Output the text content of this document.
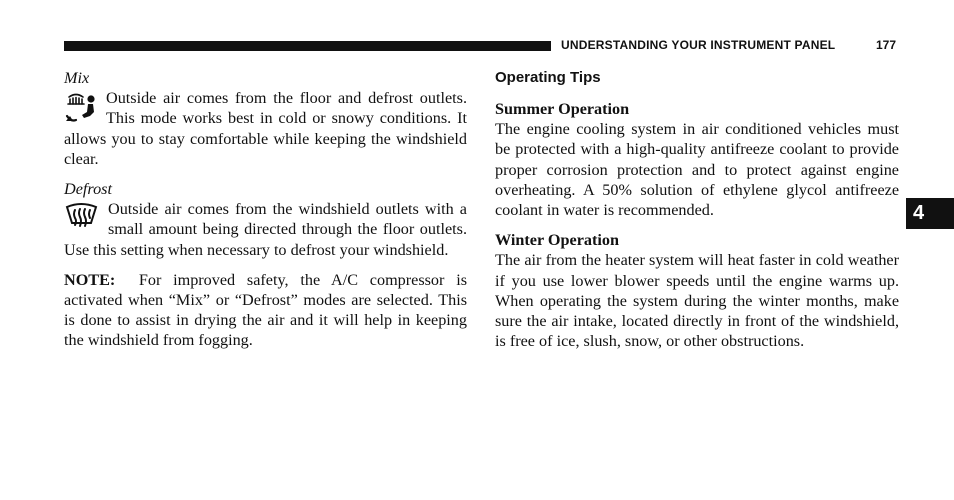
UNDERSTANDING YOUR INSTRUMENT PANEL	177
Mix
Outside air comes from the floor and defrost outlets. This mode works best in cold or snowy conditions. It allows you to stay comfortable while keeping the windshield clear.
Defrost
Outside air comes from the windshield outlets with a small amount being directed through the floor outlets. Use this setting when necessary to defrost your windshield.
NOTE: For improved safety, the A/C compressor is activated when “Mix” or “Defrost” modes are selected. This is done to assist in drying the air and it will help in keeping the windshield from fogging.
Operating Tips
Summer Operation
The engine cooling system in air conditioned vehicles must be protected with a high-quality antifreeze coolant to provide proper corrosion protection and to protect against engine overheating. A 50% solution of ethylene glycol antifreeze coolant in water is recommended.
Winter Operation
The air from the heater system will heat faster in cold weather if you use lower blower speeds until the engine warms up. When operating the system during the winter months, make sure the air intake, located directly in front of the windshield, is free of ice, slush, snow, or other obstructions.
4
